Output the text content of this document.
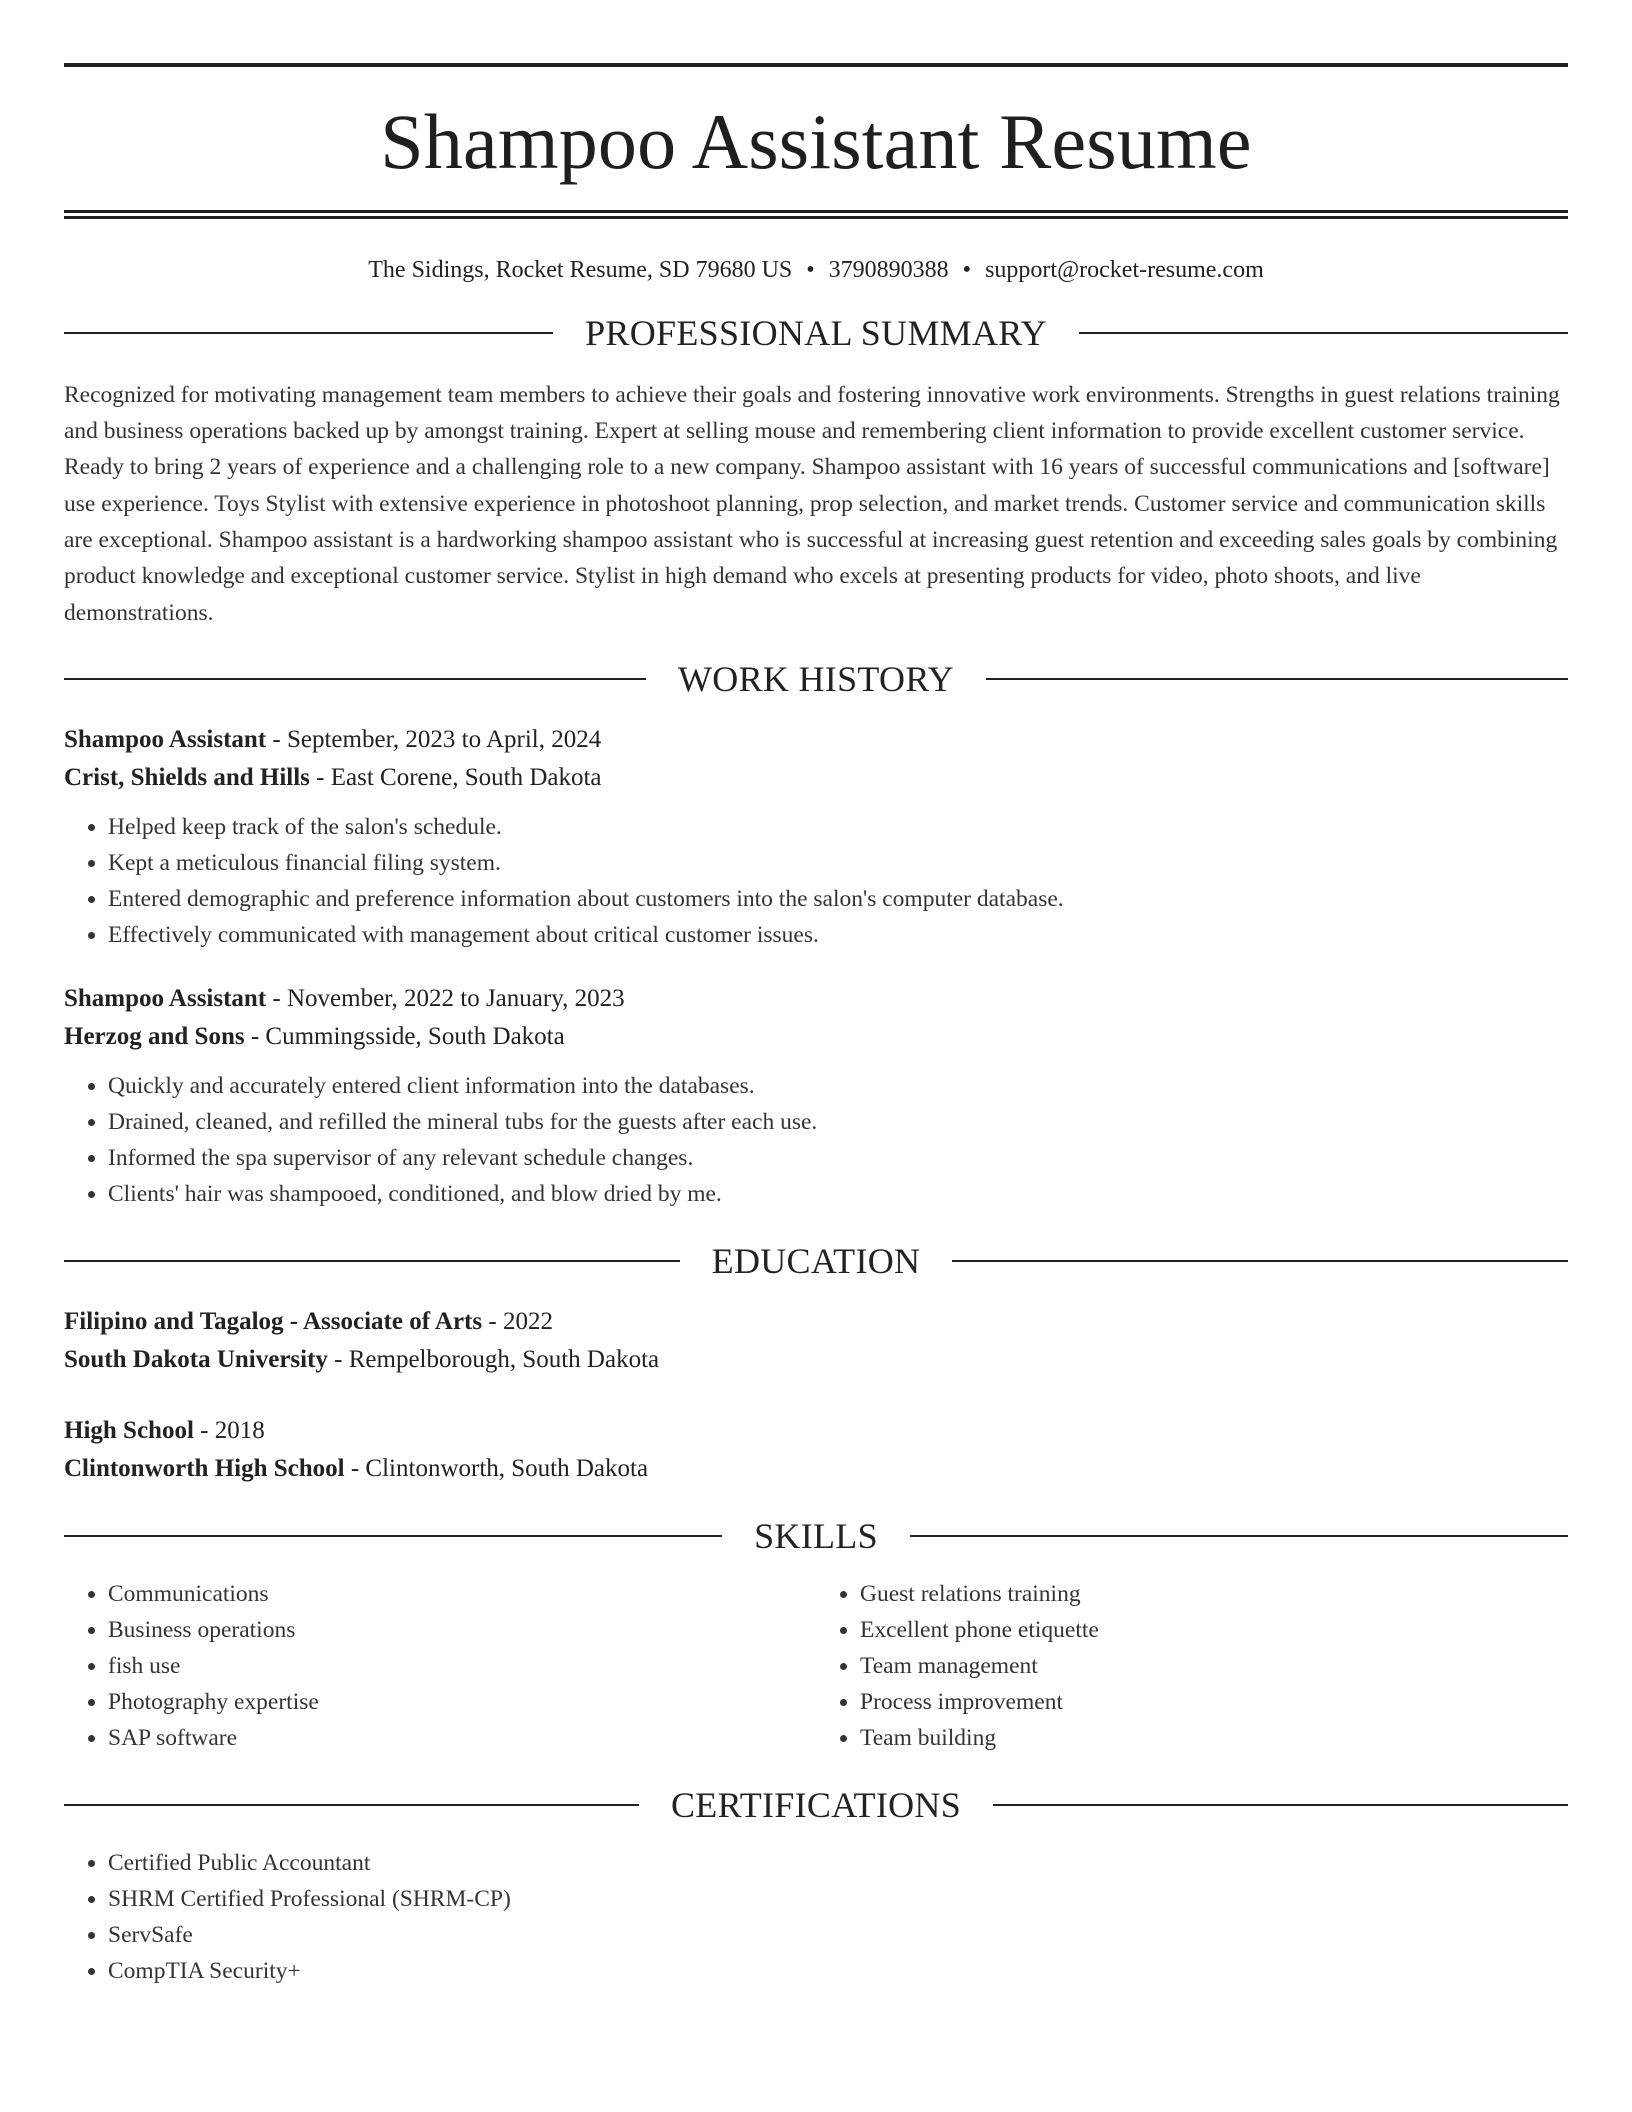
Shampoo Assistant Resume
The Sidings, Rocket Resume, SD 79680 US • 3790890388 • support@rocket-resume.com
PROFESSIONAL SUMMARY
Recognized for motivating management team members to achieve their goals and fostering innovative work environments. Strengths in guest relations training and business operations backed up by amongst training. Expert at selling mouse and remembering client information to provide excellent customer service. Ready to bring 2 years of experience and a challenging role to a new company. Shampoo assistant with 16 years of successful communications and [software] use experience. Toys Stylist with extensive experience in photoshoot planning, prop selection, and market trends. Customer service and communication skills are exceptional. Shampoo assistant is a hardworking shampoo assistant who is successful at increasing guest retention and exceeding sales goals by combining product knowledge and exceptional customer service. Stylist in high demand who excels at presenting products for video, photo shoots, and live demonstrations.
WORK HISTORY
Shampoo Assistant - September, 2023 to April, 2024
Crist, Shields and Hills - East Corene, South Dakota
• Helped keep track of the salon's schedule.
• Kept a meticulous financial filing system.
• Entered demographic and preference information about customers into the salon's computer database.
• Effectively communicated with management about critical customer issues.
Shampoo Assistant - November, 2022 to January, 2023
Herzog and Sons - Cummingsside, South Dakota
• Quickly and accurately entered client information into the databases.
• Drained, cleaned, and refilled the mineral tubs for the guests after each use.
• Informed the spa supervisor of any relevant schedule changes.
• Clients' hair was shampooed, conditioned, and blow dried by me.
EDUCATION
Filipino and Tagalog - Associate of Arts - 2022
South Dakota University - Rempelborough, South Dakota
High School - 2018
Clintonworth High School - Clintonworth, South Dakota
SKILLS
• Communications
• Business operations
• fish use
• Photography expertise
• SAP software
• Guest relations training
• Excellent phone etiquette
• Team management
• Process improvement
• Team building
CERTIFICATIONS
• Certified Public Accountant
• SHRM Certified Professional (SHRM-CP)
• ServSafe
• CompTIA Security+
